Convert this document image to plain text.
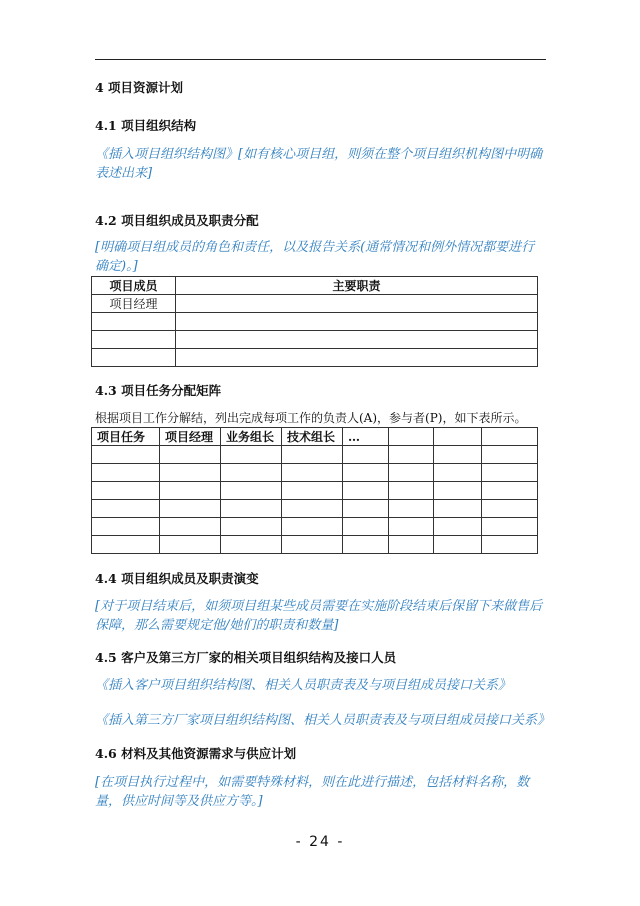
4 项目资源计划
4.1 项目组织结构
《插入项目组织结构图》[如有核心项目组，则须在整个项目组织机构图中明确表述出来]
4.2 项目组织成员及职责分配
[明确项目组成员的角色和责任，以及报告关系(通常情况和例外情况都要进行确定)。]
项目成员	主要职责
项目经理	

4.3 项目任务分配矩阵
根据项目工作分解结，列出完成每项工作的负责人(A)，参与者(P)，如下表所示。
项目任务	项目经理	业务组长	技术组长	…			

4.4 项目组织成员及职责演变
[对于项目结束后，如须项目组某些成员需要在实施阶段结束后保留下来做售后保障，那么需要规定他/她们的职责和数量]
4.5 客户及第三方厂家的相关项目组织结构及接口人员
《插入客户项目组织结构图、相关人员职责表及与项目组成员接口关系》
《插入第三方厂家项目组织结构图、相关人员职责表及与项目组成员接口关系》
4.6 材料及其他资源需求与供应计划
[在项目执行过程中，如需要特殊材料，则在此进行描述，包括材料名称，数量，供应时间等及供应方等。]
- 24 -
